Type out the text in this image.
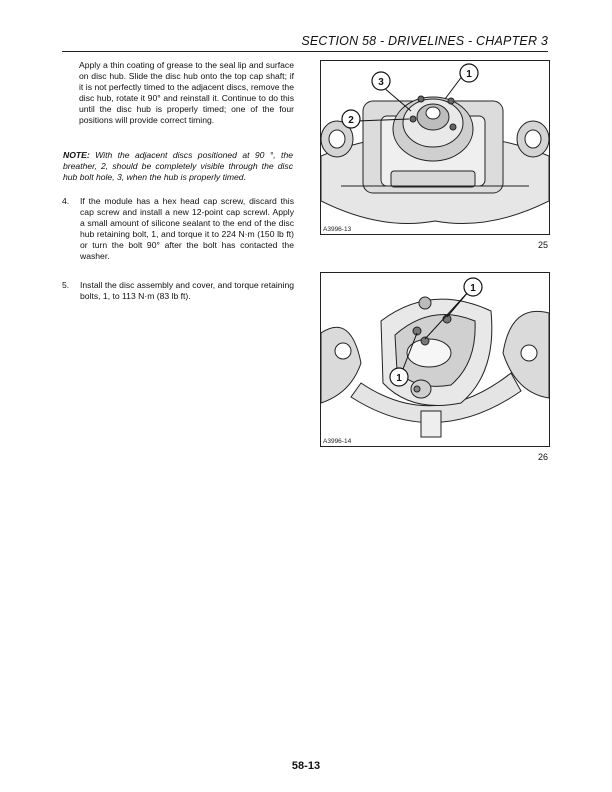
SECTION 58 - DRIVELINES - CHAPTER 3
Apply a thin coating of grease to the seal lip and surface on disc hub. Slide the disc hub onto the top cap shaft; if it is not perfectly timed to the adjacent discs, remove the disc hub, rotate it 90° and reinstall it. Continue to do this until the disc hub is properly timed; one of the four positions will provide correct timing.
NOTE: With the adjacent discs positioned at 90 °, the breather, 2, should be completely visible through the disc hub bolt hole, 3, when the hub is properly timed.
4.	If the module has a hex head cap screw, discard this cap screw and install a new 12-point cap screwl. Apply a small amount of silicone sealant to the end of the disc hub retaining bolt, 1, and torque it to 224 N·m (150 lb ft) or turn the bolt 90° after the bolt has contacted the washer.
5.	Install the disc assembly and cover, and torque retaining bolts, 1, to 113 N·m (83 lb ft).
3
1
2
A3996-13
25
1
1
A3996-14
26
58-13
